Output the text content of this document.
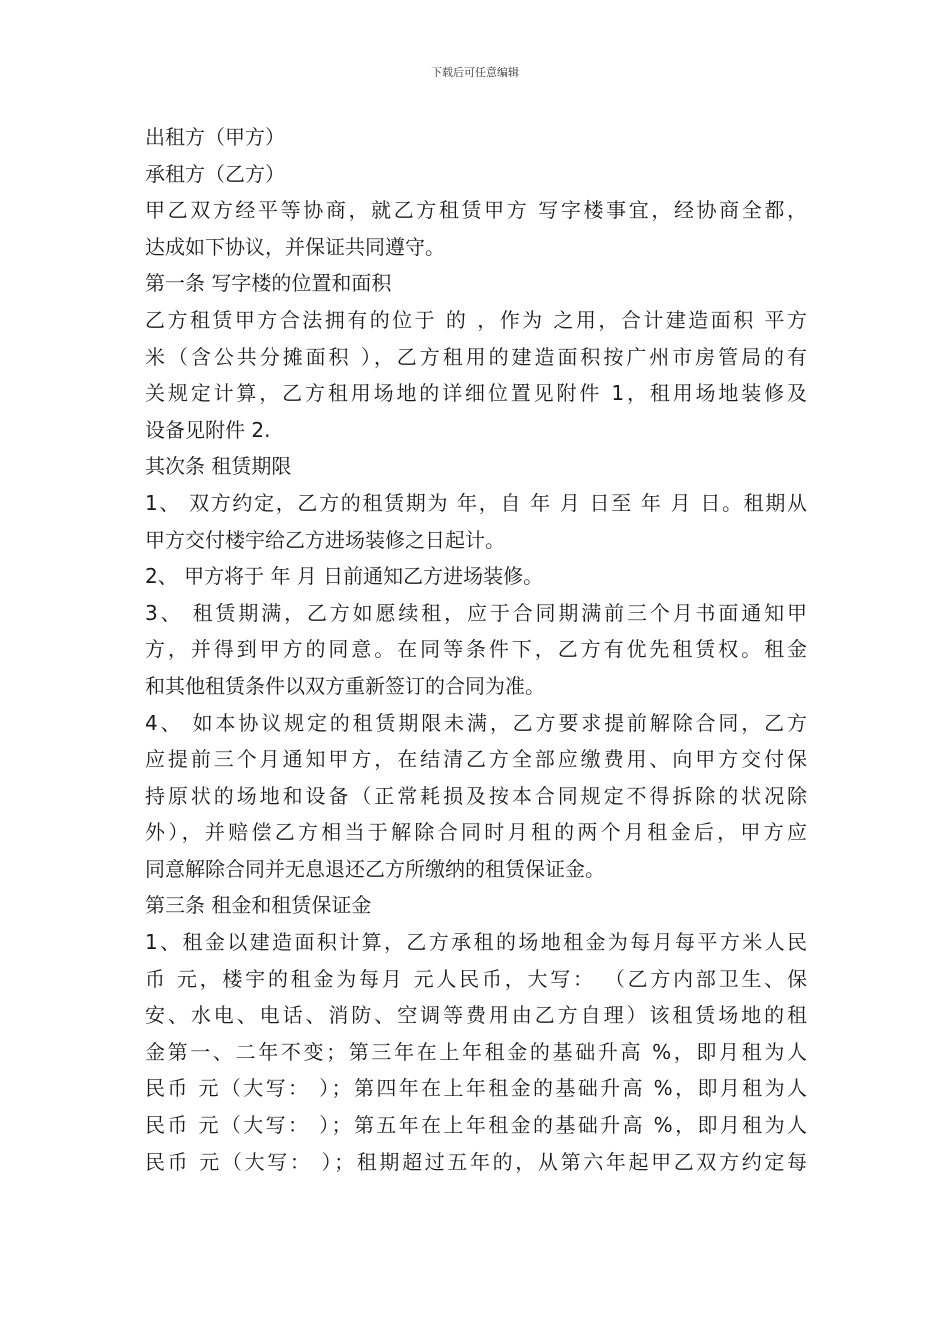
下载后可任意编辑
出租方（甲方）
承租方（乙方）
甲乙双方经平等协商，就乙方租赁甲方 写字楼事宜，经协商全都，
达成如下协议，并保证共同遵守。
第一条 写字楼的位置和面积
乙方租赁甲方合法拥有的位于 的 ，作为 之用，合计建造面积 平方
米（含公共分摊面积 ），乙方租用的建造面积按广州市房管局的有
关规定计算，乙方租用场地的详细位置见附件 1，租用场地装修及
设备见附件 2.
其次条 租赁期限
1、 双方约定，乙方的租赁期为 年，自 年 月 日至 年 月 日。租期从
甲方交付楼宇给乙方进场装修之日起计。
2、 甲方将于 年 月 日前通知乙方进场装修。
3、 租赁期满，乙方如愿续租，应于合同期满前三个月书面通知甲
方，并得到甲方的同意。在同等条件下，乙方有优先租赁权。租金
和其他租赁条件以双方重新签订的合同为准。
4、 如本协议规定的租赁期限未满，乙方要求提前解除合同，乙方
应提前三个月通知甲方，在结清乙方全部应缴费用、向甲方交付保
持原状的场地和设备（正常耗损及按本合同规定不得拆除的状况除
外），并赔偿乙方相当于解除合同时月租的两个月租金后，甲方应
同意解除合同并无息退还乙方所缴纳的租赁保证金。
第三条 租金和租赁保证金
1、租金以建造面积计算，乙方承租的场地租金为每月每平方米人民
币 元，楼宇的租金为每月 元人民币，大写： （乙方内部卫生、保
安、水电、电话、消防、空调等费用由乙方自理）该租赁场地的租
金第一、二年不变；第三年在上年租金的基础升高 %，即月租为人
民币 元（大写： ）；第四年在上年租金的基础升高 %，即月租为人
民币 元（大写： ）；第五年在上年租金的基础升高 %，即月租为人
民币 元（大写： ）；租期超过五年的，从第六年起甲乙双方约定每
